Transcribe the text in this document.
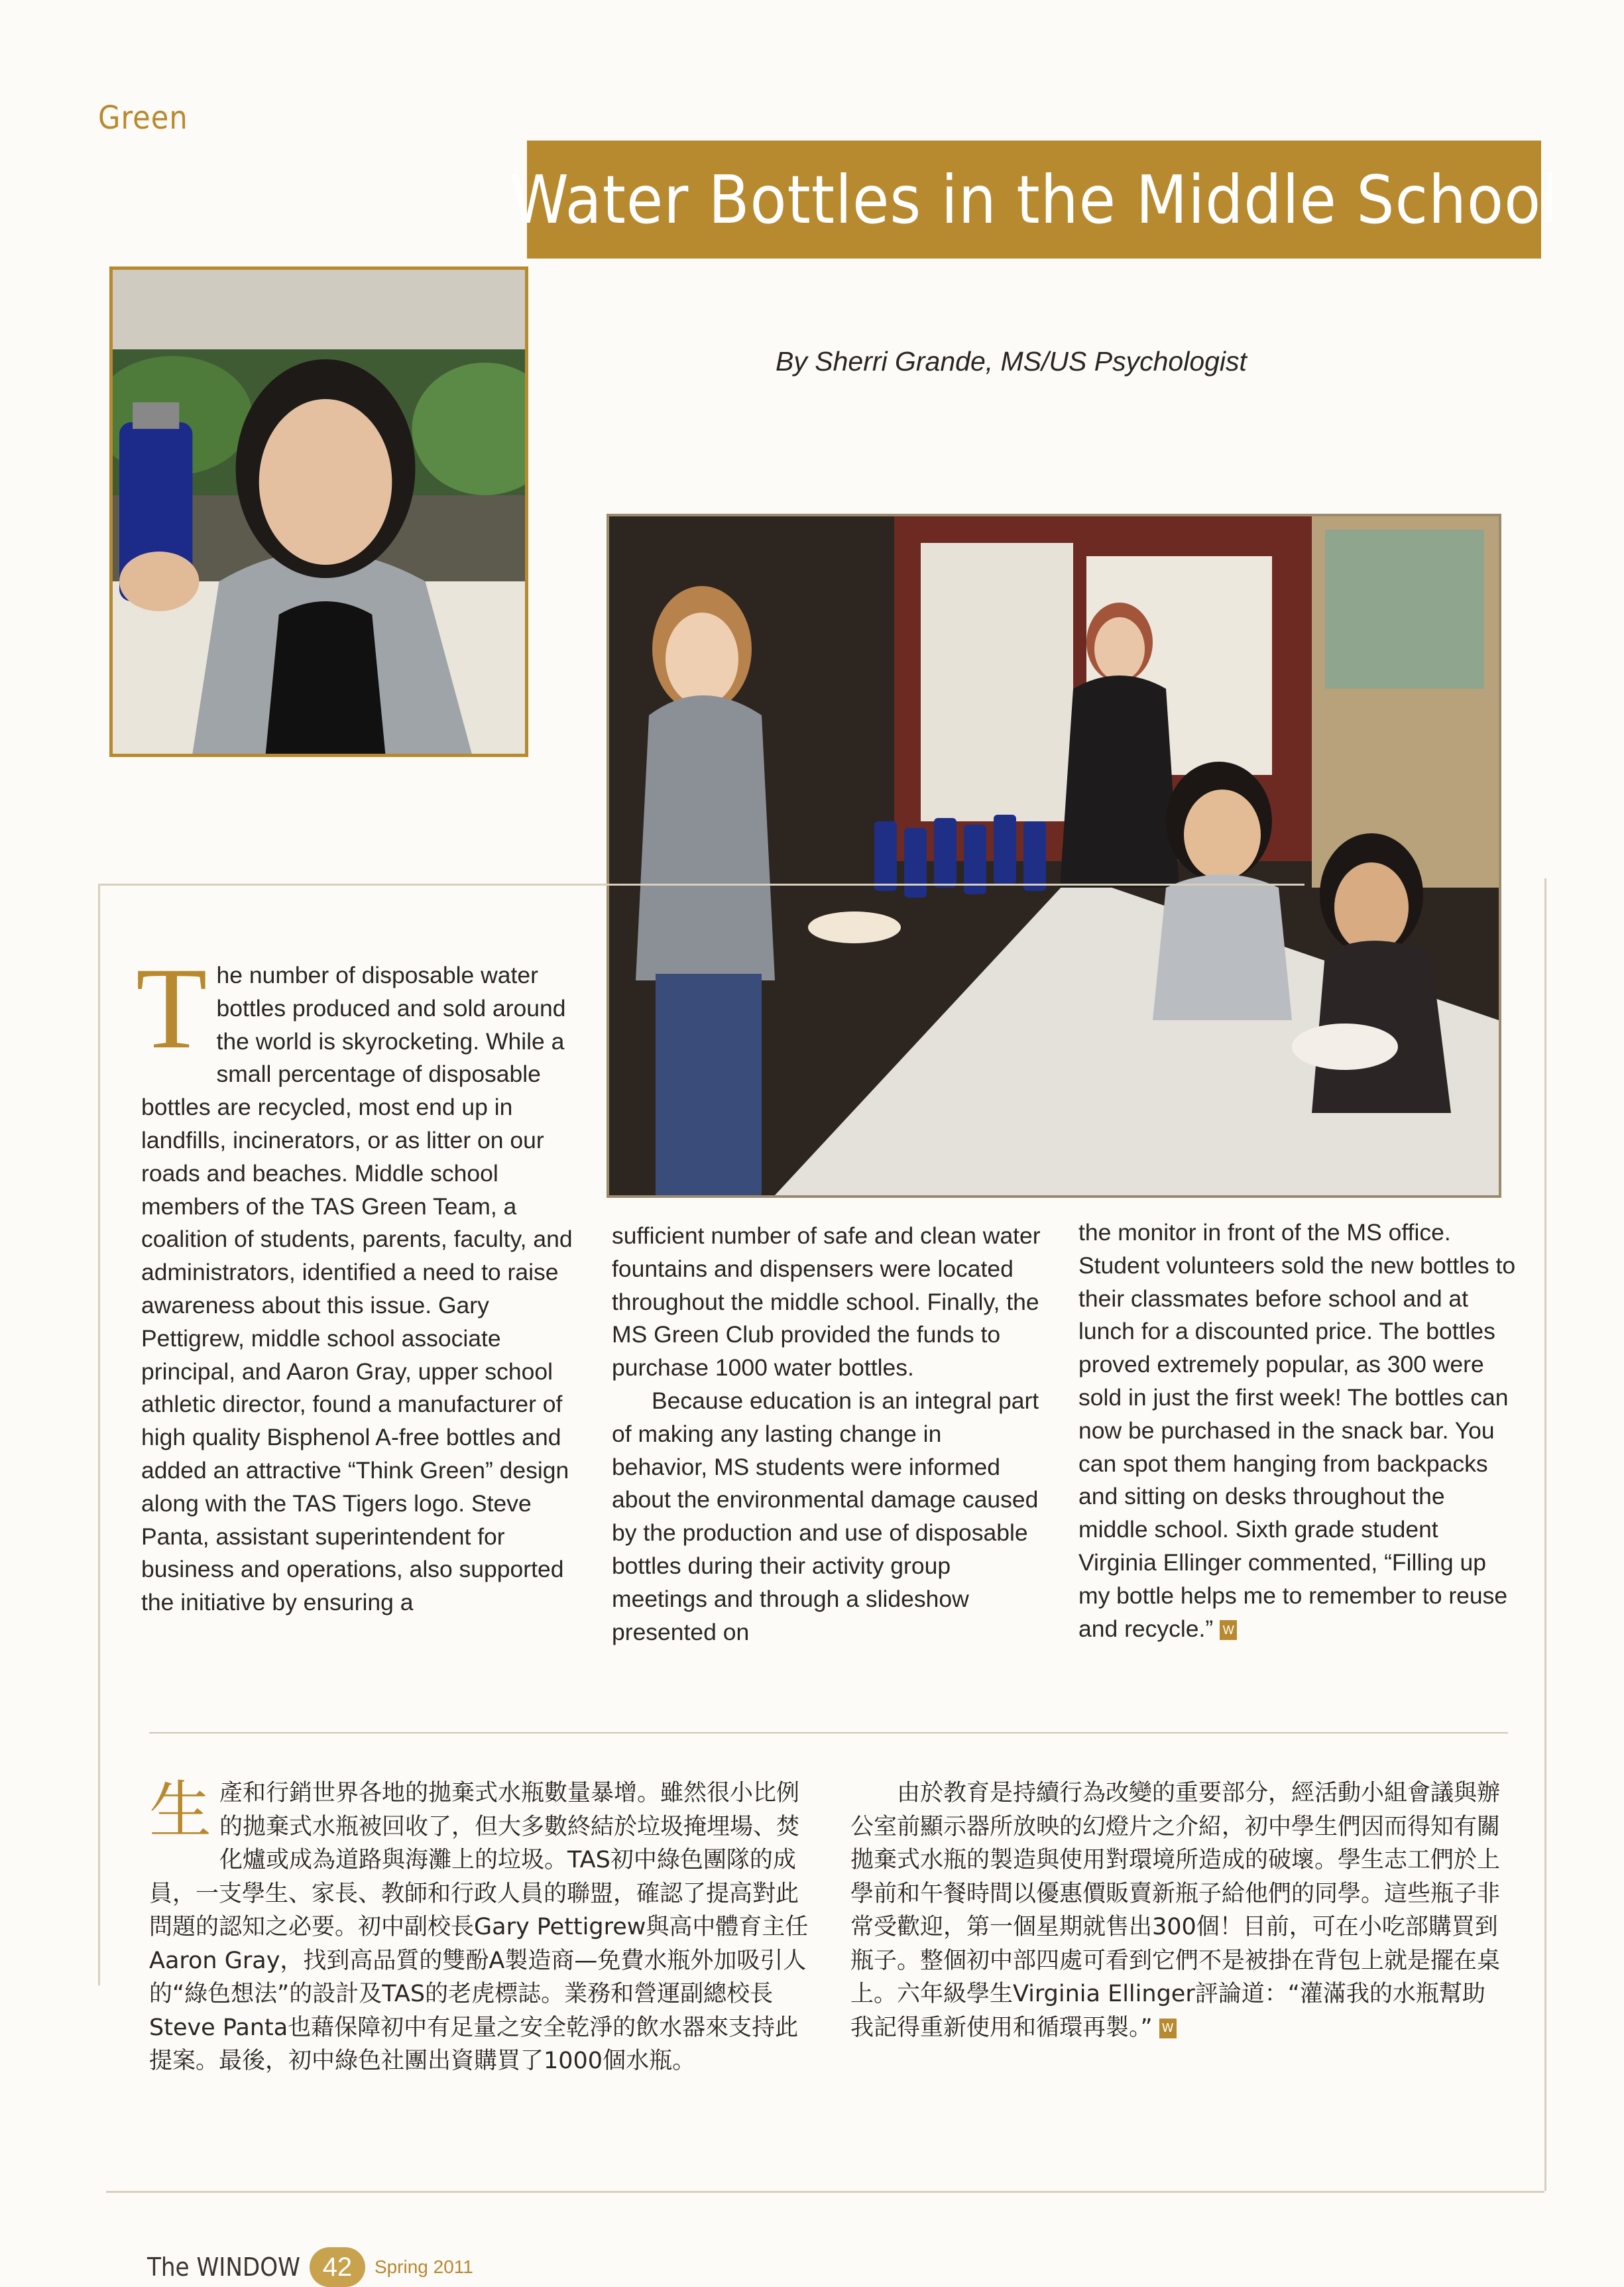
Green
Water Bottles in the Middle School
By Sherri Grande, MS/US Psychologist

The number of disposable water bottles produced and sold around the world is skyrocketing. While a small percentage of disposable bottles are recycled, most end up in landfills, incinerators, or as litter on our roads and beaches. Middle school members of the TAS Green Team, a coalition of students, parents, faculty, and administrators, identified a need to raise awareness about this issue. Gary Pettigrew, middle school associate principal, and Aaron Gray, upper school athletic director, found a manufacturer of high quality Bisphenol A-free bottles and added an attractive “Think Green” design along with the TAS Tigers logo. Steve Panta, assistant superintendent for business and operations, also supported the initiative by ensuring a

sufficient number of safe and clean water fountains and dispensers were located throughout the middle school. Finally, the MS Green Club provided the funds to purchase 1000 water bottles.

Because education is an integral part of making any lasting change in behavior, MS students were informed about the environmental damage caused by the production and use of disposable bottles during their activity group meetings and through a slideshow presented on

the monitor in front of the MS office. Student volunteers sold the new bottles to their classmates before school and at lunch for a discounted price. The bottles proved extremely popular, as 300 were sold in just the first week! The bottles can now be purchased in the snack bar. You can spot them hanging from backpacks and sitting on desks throughout the middle school. Sixth grade student Virginia Ellinger commented, “Filling up my bottle helps me to remember to reuse and recycle.” W

生產和行銷世界各地的拋棄式水瓶數量暴增。雖然很小比例的拋棄式水瓶被回收了，但大多數終結於垃圾掩埋場、焚化爐或成為道路與海灘上的垃圾。TAS初中綠色團隊的成員，一支學生、家長、教師和行政人員的聯盟，確認了提高對此問題的認知之必要。初中副校長Gary Pettigrew與高中體育主任Aaron Gray，找到高品質的雙酚A製造商—免費水瓶外加吸引人的“綠色想法”的設計及TAS的老虎標誌。業務和營運副總校長Steve Panta也藉保障初中有足量之安全乾淨的飲水器來支持此提案。最後，初中綠色社團出資購買了1000個水瓶。

由於教育是持續行為改變的重要部分，經活動小組會議與辦公室前顯示器所放映的幻燈片之介紹，初中學生們因而得知有關拋棄式水瓶的製造與使用對環境所造成的破壞。學生志工們於上學前和午餐時間以優惠價販賣新瓶子給他們的同學。這些瓶子非常受歡迎，第一個星期就售出300個！目前，可在小吃部購買到瓶子。整個初中部四處可看到它們不是被掛在背包上就是擺在桌上。六年級學生Virginia Ellinger評論道：“灌滿我的水瓶幫助我記得重新使用和循環再製。” W

The WINDOW 42	Spring 2011
